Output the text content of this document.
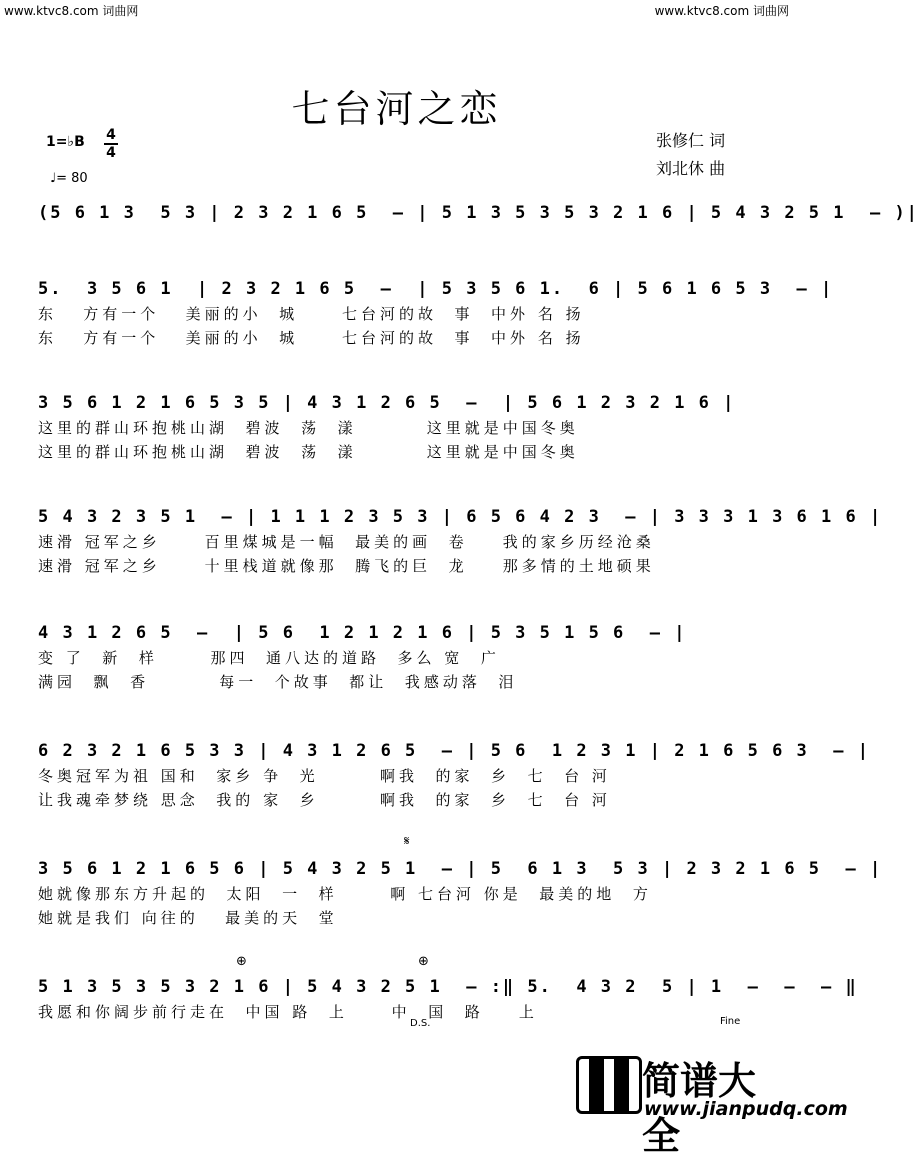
www.ktvc8.com 词曲网	www.ktvc8.com 词曲网
七台河之恋
1=♭B 4
4
♩= 80
张修仁 词
刘北休 曲
(5 6 1 3  5 3 | 2 3 2 1 6 5  – | 5 1 3 5 3 5 3 2 1 6 | 5 4 3 2 5 1  – )|
5.  3 5 6 1  | 2 3 2 1 6 5  –  | 5 3 5 6 1.  6 | 5 6 1 6 5 3  – |
东   方有一个   美丽的小  城     七台河的故  事  中外 名 扬
东   方有一个   美丽的小  城     七台河的故  事  中外 名 扬
3 5 6 1 2 1 6 5 3 5 | 4 3 1 2 6 5  –  | 5 6 1 2 3 2 1 6 |
这里的群山环抱桃山湖  碧波  荡  漾        这里就是中国冬奥
这里的群山环抱桃山湖  碧波  荡  漾        这里就是中国冬奥
5 4 3 2 3 5 1  – | 1 1 1 2 3 5 3 | 6 5 6 4 2 3  – | 3 3 3 1 3 6 1 6 |
速滑 冠军之乡     百里煤城是一幅  最美的画  卷    我的家乡历经沧桑
速滑 冠军之乡     十里栈道就像那  腾飞的巨  龙    那多情的土地硕果
4 3 1 2 6 5  –  | 5 6  1 2 1 2 1 6 | 5 3 5 1 5 6  – |
变 了  新  样      那四  通八达的道路  多么 宽  广
满园  飘  香        每一  个故事  都让  我感动落  泪
6 2 3 2 1 6 5 3 3 | 4 3 1 2 6 5  – | 5 6  1 2 3 1 | 2 1 6 5 6 3  – |
冬奥冠军为祖 国和  家乡 争  光       啊我  的家  乡  七  台 河
让我魂牵梦绕 思念  我的 家  乡       啊我  的家  乡  七  台 河
𝄋
3 5 6 1 2 1 6 5 6 | 5 4 3 2 5 1  – | 5  6 1 3  5 3 | 2 3 2 1 6 5  – |
她就像那东方升起的  太阳  一  样      啊 七台河 你是  最美的地  方
她就是我们 向往的   最美的天  堂
⊕	⊕
5 1 3 5 3 5 3 2 1 6 | 5 4 3 2 5 1  – :‖ 5.  4 3 2  5 | 1  –  –  – ‖
我愿和你阔步前行走在  中国 路  上     中  国  路    上
D.S.	Fine
简谱大全
www.jianpudq.com
